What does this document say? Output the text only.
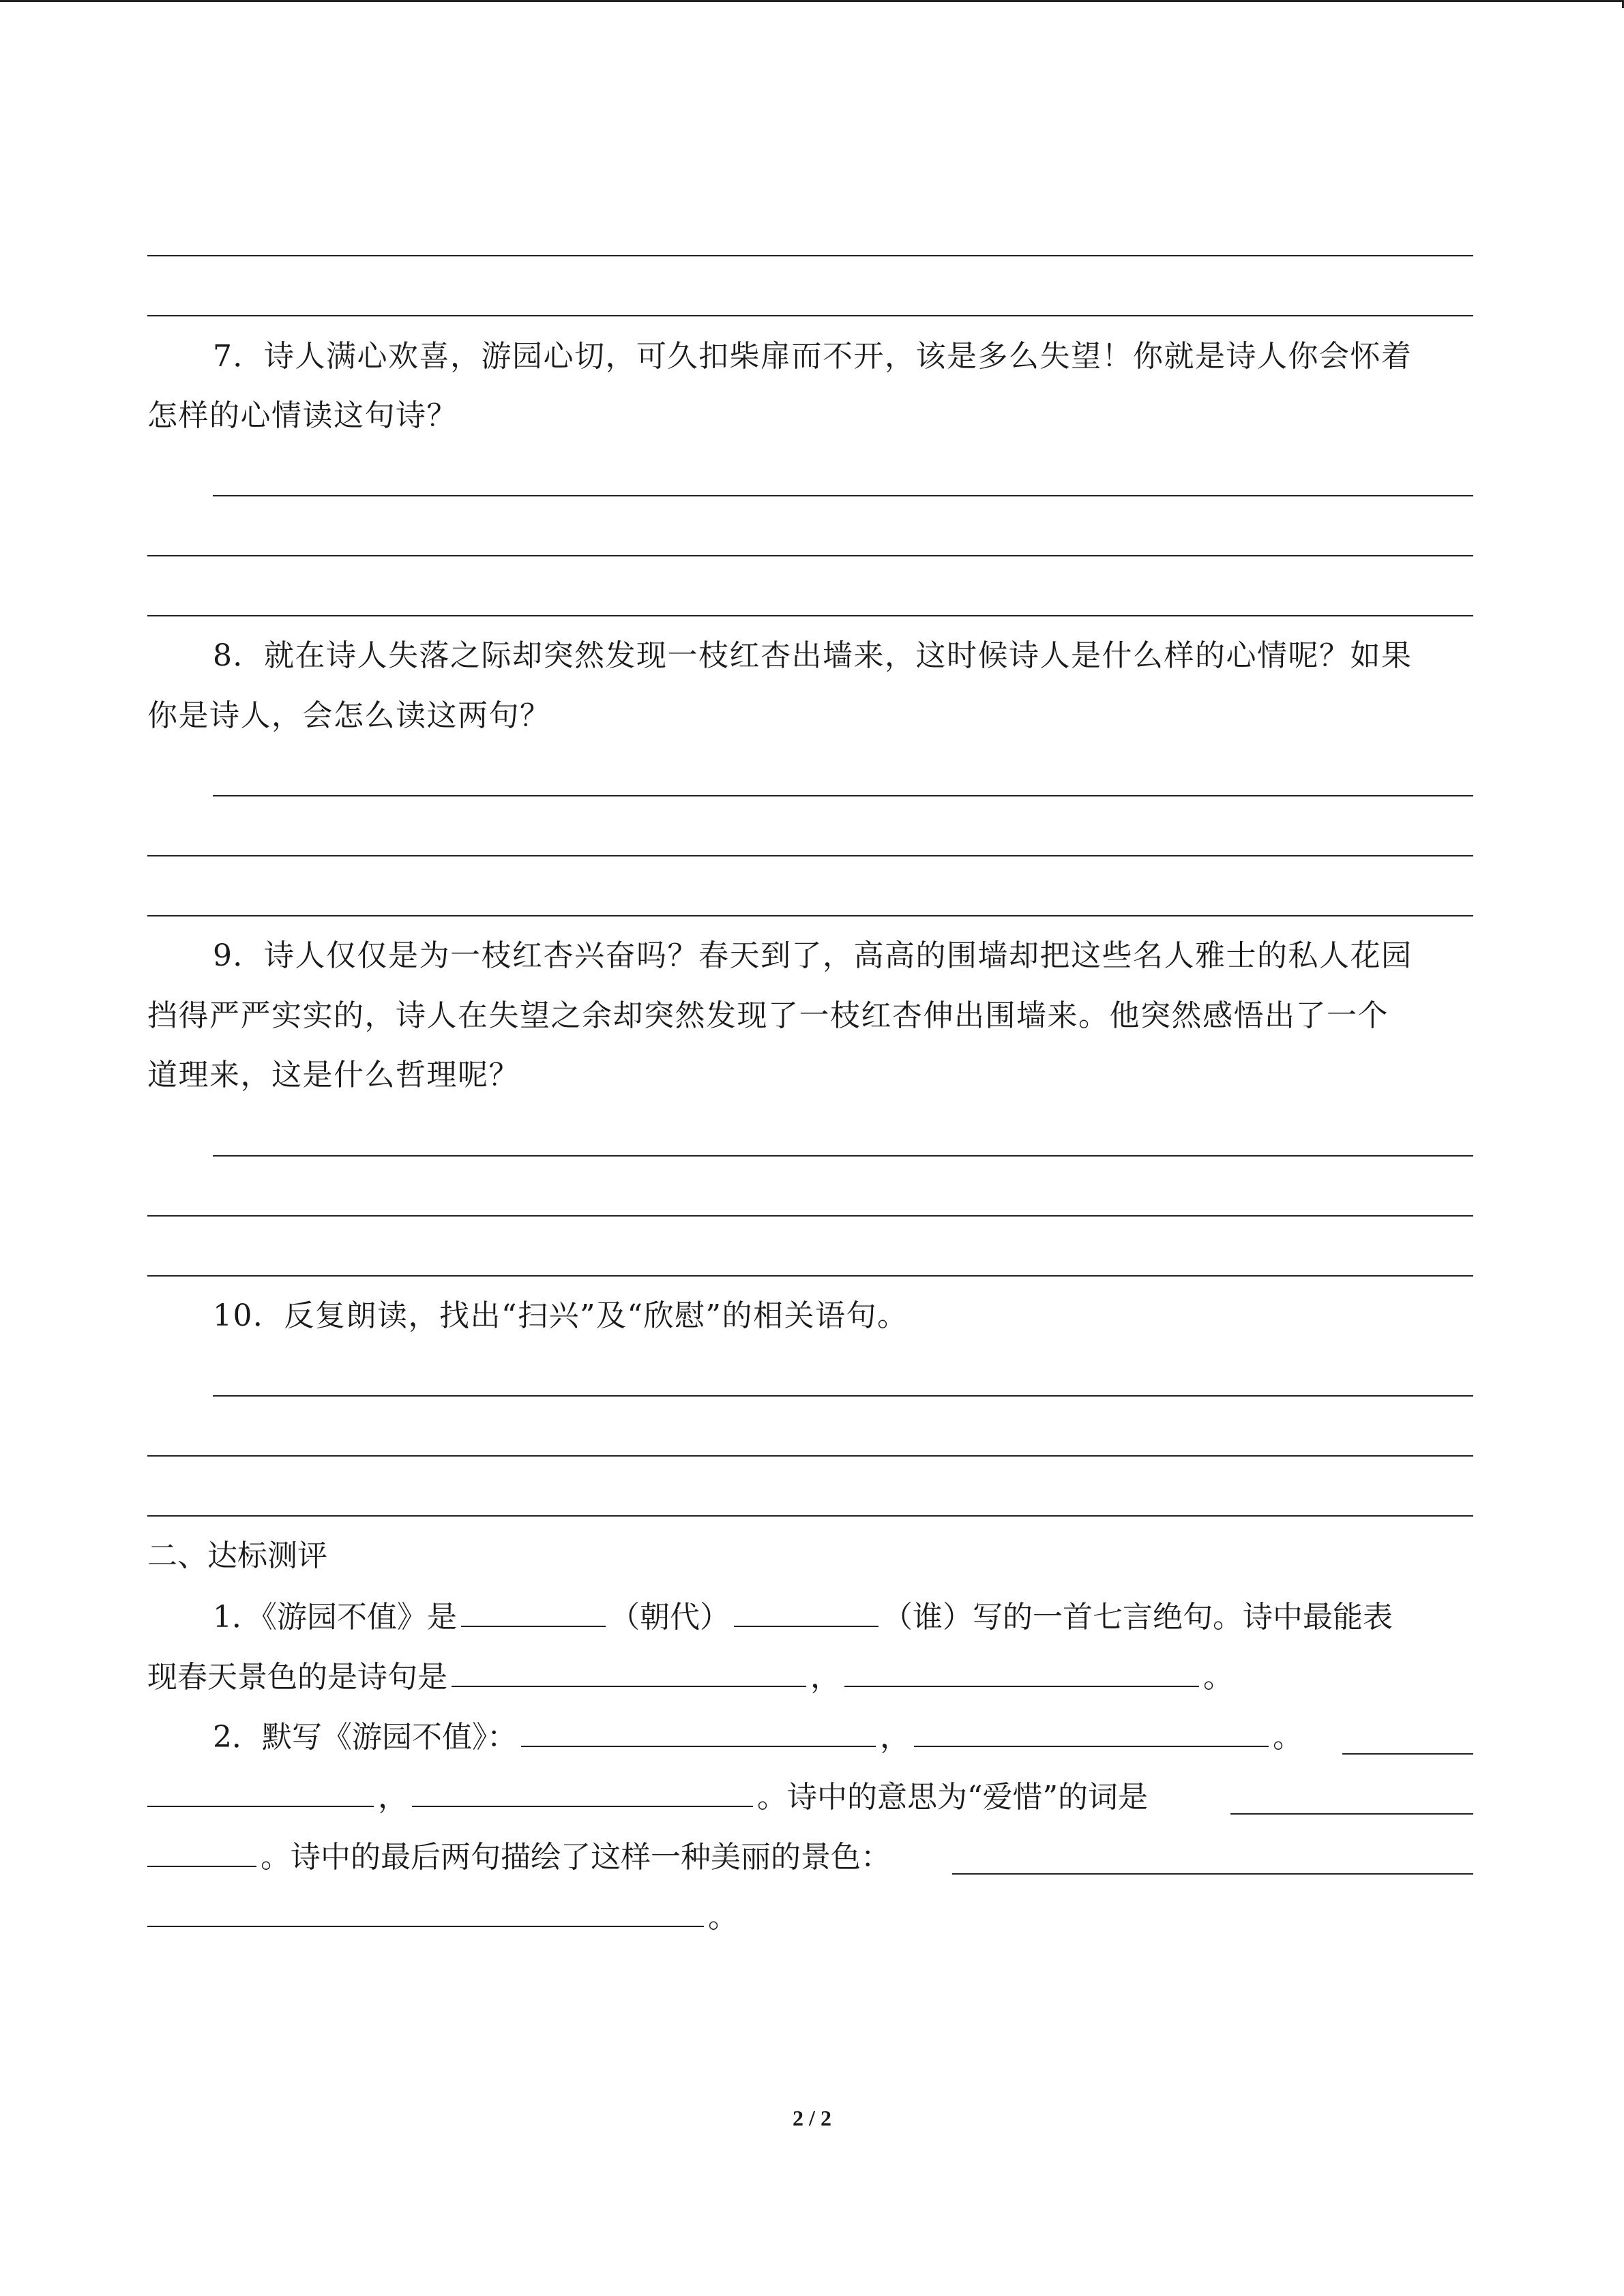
7．诗人满心欢喜，游园心切，可久扣柴扉而不开，该是多么失望！你就是诗人你会怀着
怎样的心情读这句诗？
8．就在诗人失落之际却突然发现一枝红杏出墙来，这时候诗人是什么样的心情呢？如果
你是诗人，会怎么读这两句？
9．诗人仅仅是为一枝红杏兴奋吗？春天到了，高高的围墙却把这些名人雅士的私人花园
挡得严严实实的，诗人在失望之余却突然发现了一枝红杏伸出围墙来。他突然感悟出了一个
道理来，这是什么哲理呢？
10．反复朗读，找出“扫兴”及“欣慰”的相关语句。
二、达标测评
1．《游园不值》是	（朝代）	（谁）写的一首七言绝句。诗中最能表
现春天景色的是诗句是	，	。
2．默写《游园不值》：	，	。
，	。诗中的意思为“爱惜”的词是
。诗中的最后两句描绘了这样一种美丽的景色：
。
2 / 2
